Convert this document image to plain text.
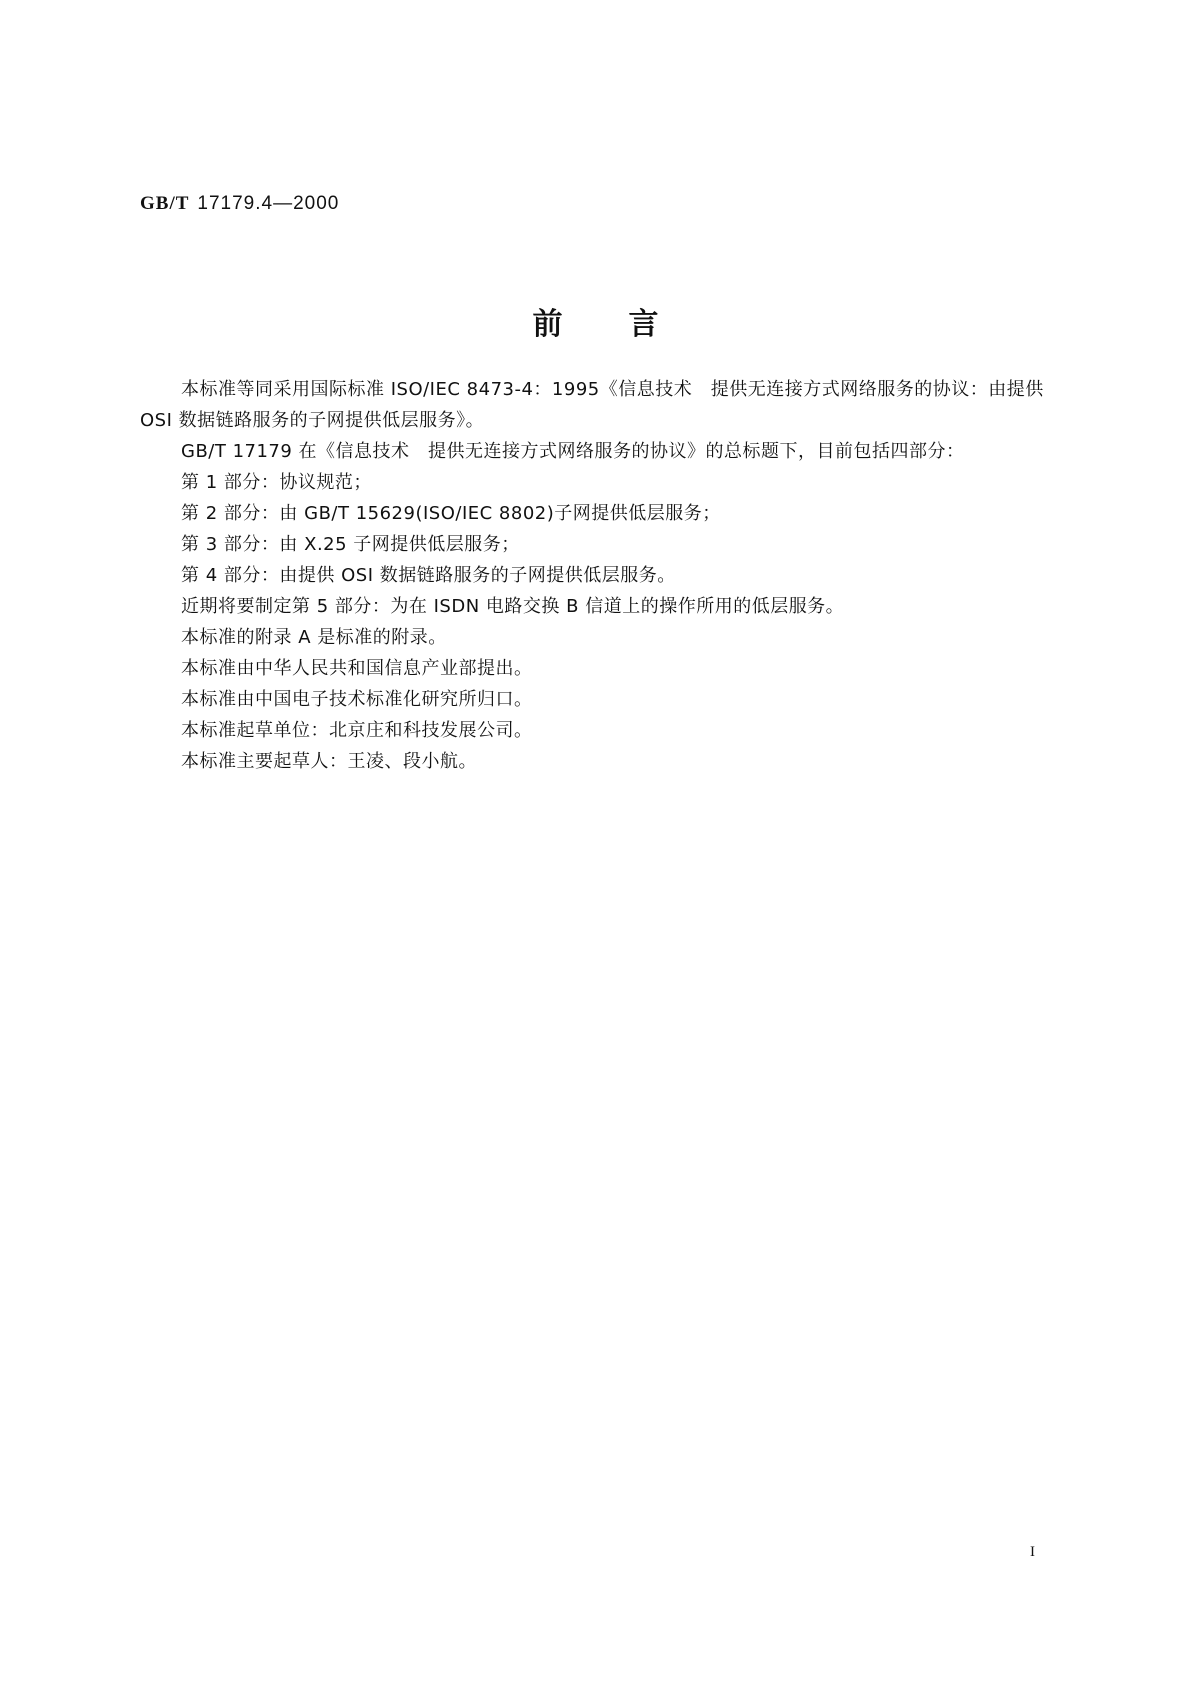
GB/T 17179.4—2000
前言

本标准等同采用国际标准 ISO/IEC 8473-4：1995《信息技术　提供无连接方式网络服务的协议：由提供 OSI 数据链路服务的子网提供低层服务》。

GB/T 17179 在《信息技术　提供无连接方式网络服务的协议》的总标题下，目前包括四部分：

第 1 部分：协议规范；

第 2 部分：由 GB/T 15629(ISO/IEC 8802)子网提供低层服务；

第 3 部分：由 X.25 子网提供低层服务；

第 4 部分：由提供 OSI 数据链路服务的子网提供低层服务。

近期将要制定第 5 部分：为在 ISDN 电路交换 B 信道上的操作所用的低层服务。

本标准的附录 A 是标准的附录。

本标准由中华人民共和国信息产业部提出。

本标准由中国电子技术标准化研究所归口。

本标准起草单位：北京庄和科技发展公司。

本标准主要起草人：王凌、段小航。

I
